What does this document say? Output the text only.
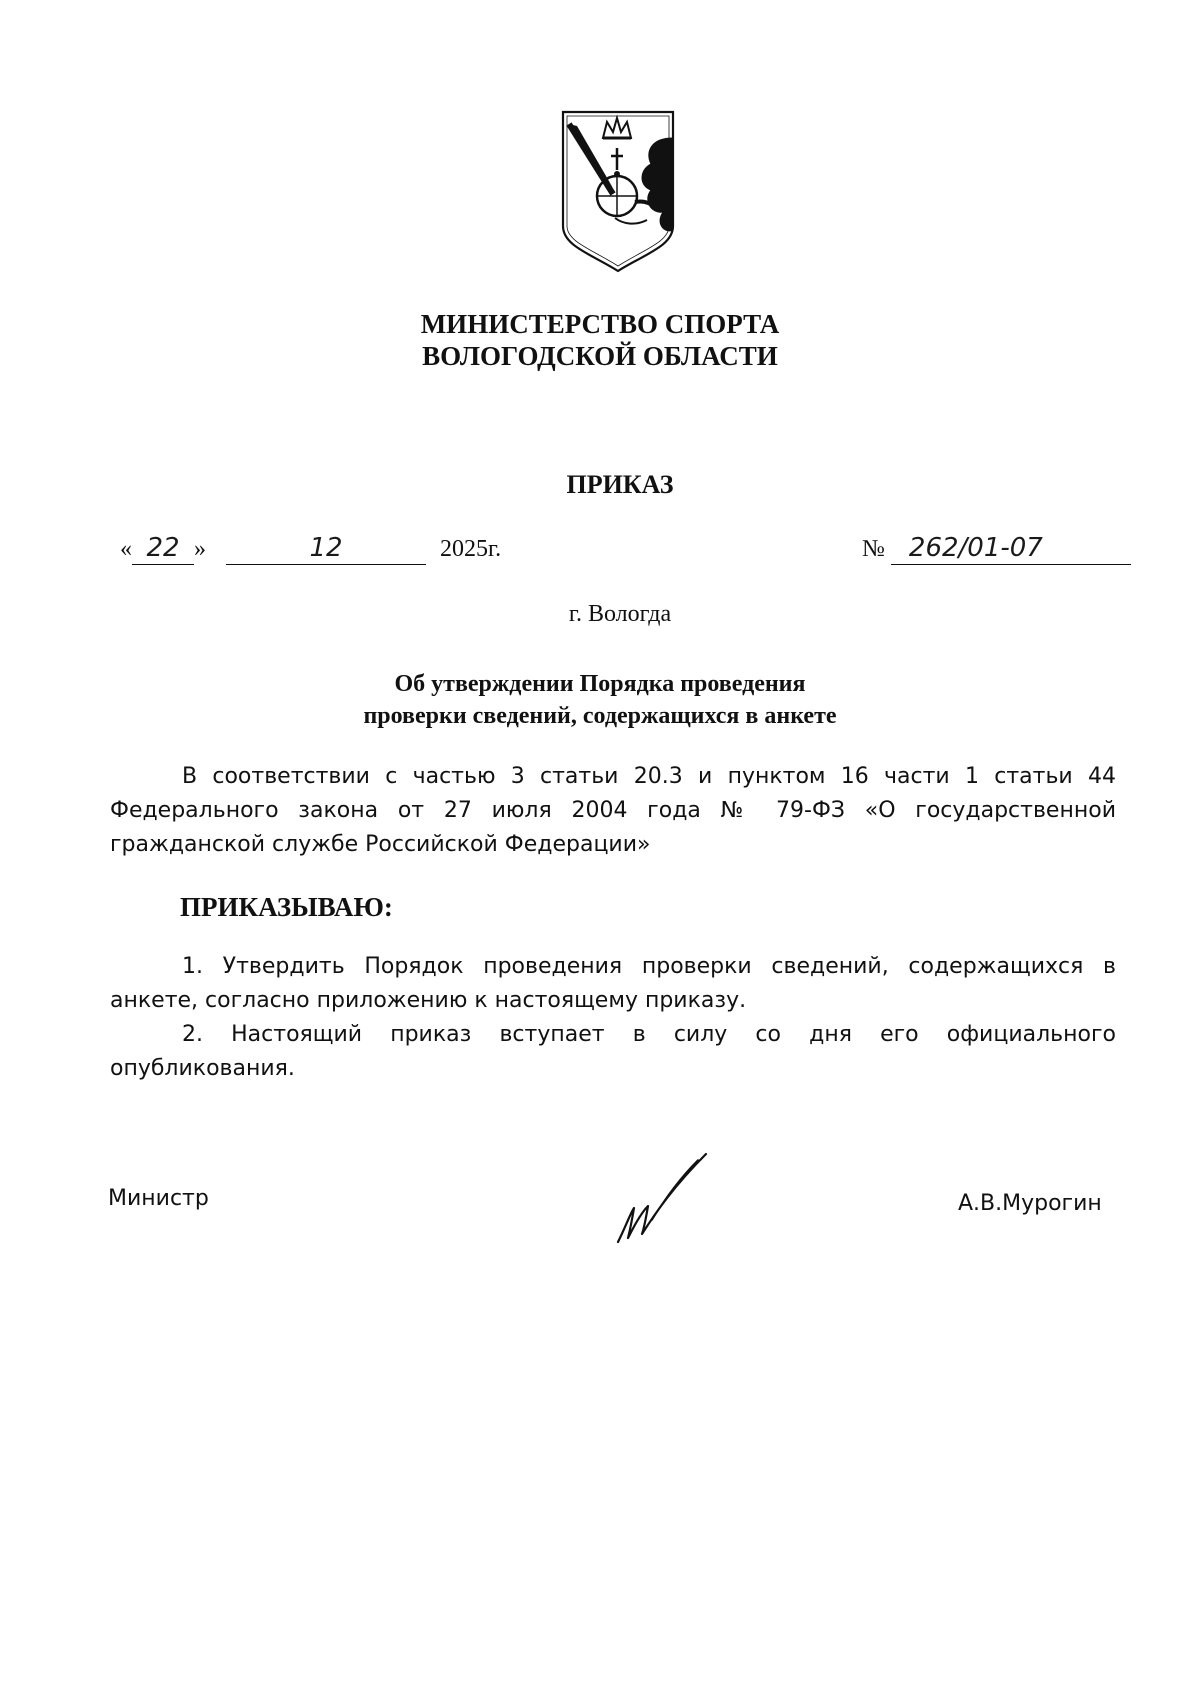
МИНИСТЕРСТВО СПОРТА
ВОЛОГОДСКОЙ ОБЛАСТИ
ПРИКАЗ
« 22 »	12	2025г.	№ 262/01-07
г. Вологда
Об утверждении Порядка проведения
проверки сведений, содержащихся в анкете
В соответствии с частью 3 статьи 20.3 и пунктом 16 части 1 статьи 44 Федерального закона от 27 июля 2004 года № 79-ФЗ «О государственной гражданской службе Российской Федерации»
ПРИКАЗЫВАЮ:

1. Утвердить Порядок проведения проверки сведений, содержащихся в анкете, согласно приложению к настоящему приказу.

2. Настоящий приказ вступает в силу со дня его официального опубликования.

Министр	А.В.Мурогин
